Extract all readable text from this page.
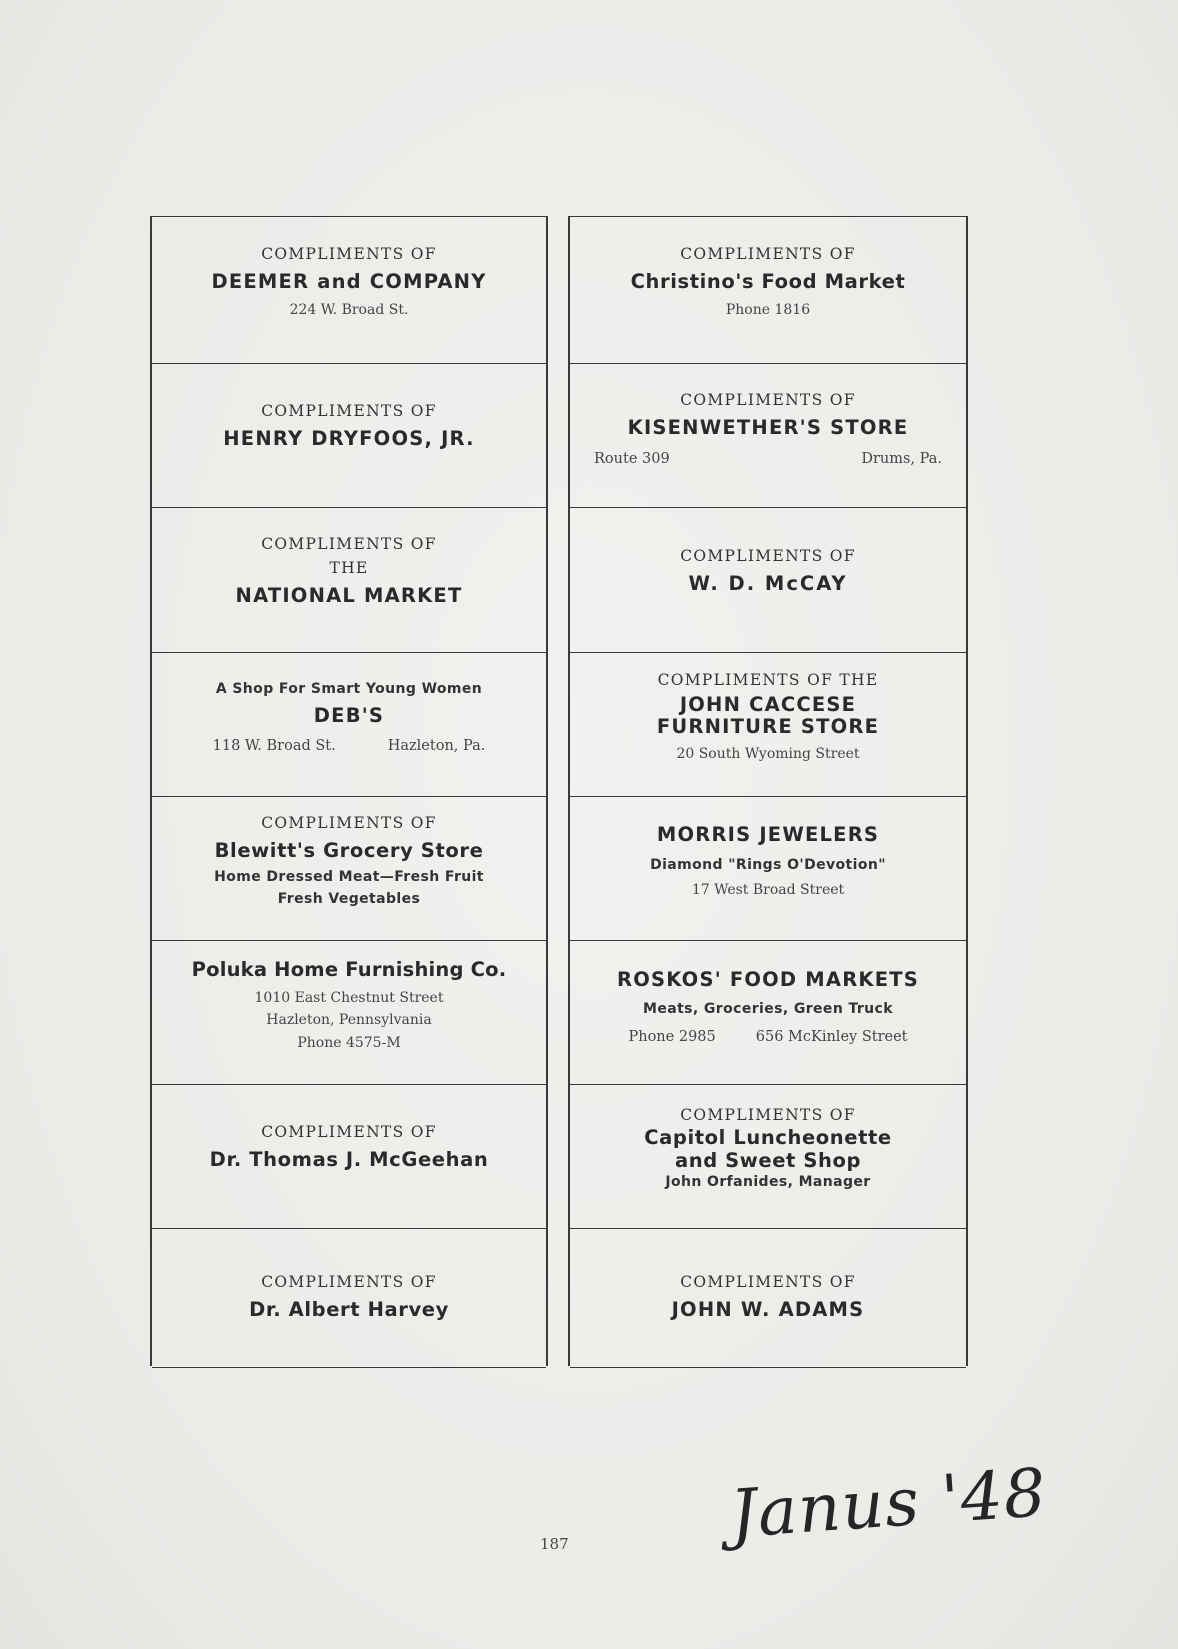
COMPLIMENTS OF
DEEMER and COMPANY
224 W. Broad St.
COMPLIMENTS OF
HENRY DRYFOOS, JR.
COMPLIMENTS OF
THE
NATIONAL MARKET
A Shop For Smart Young Women
DEB'S
118 W. Broad St.	Hazleton, Pa.
COMPLIMENTS OF
Blewitt's Grocery Store
Home Dressed Meat—Fresh Fruit
Fresh Vegetables
Poluka Home Furnishing Co.
1010 East Chestnut Street
Hazleton, Pennsylvania
Phone 4575-M
COMPLIMENTS OF
Dr. Thomas J. McGeehan
COMPLIMENTS OF
Dr. Albert Harvey
COMPLIMENTS OF
Christino's Food Market
Phone 1816
COMPLIMENTS OF
KISENWETHER'S STORE
Route 309	Drums, Pa.
COMPLIMENTS OF
W. D. McCAY
COMPLIMENTS OF THE
JOHN CACCESE
FURNITURE STORE
20 South Wyoming Street
MORRIS JEWELERS
Diamond "Rings O'Devotion"
17 West Broad Street
ROSKOS' FOOD MARKETS
Meats, Groceries, Green Truck
Phone 2985	656 McKinley Street
COMPLIMENTS OF
Capitol Luncheonette
and Sweet Shop
John Orfanides, Manager
COMPLIMENTS OF
JOHN W. ADAMS
187 Janus '48
